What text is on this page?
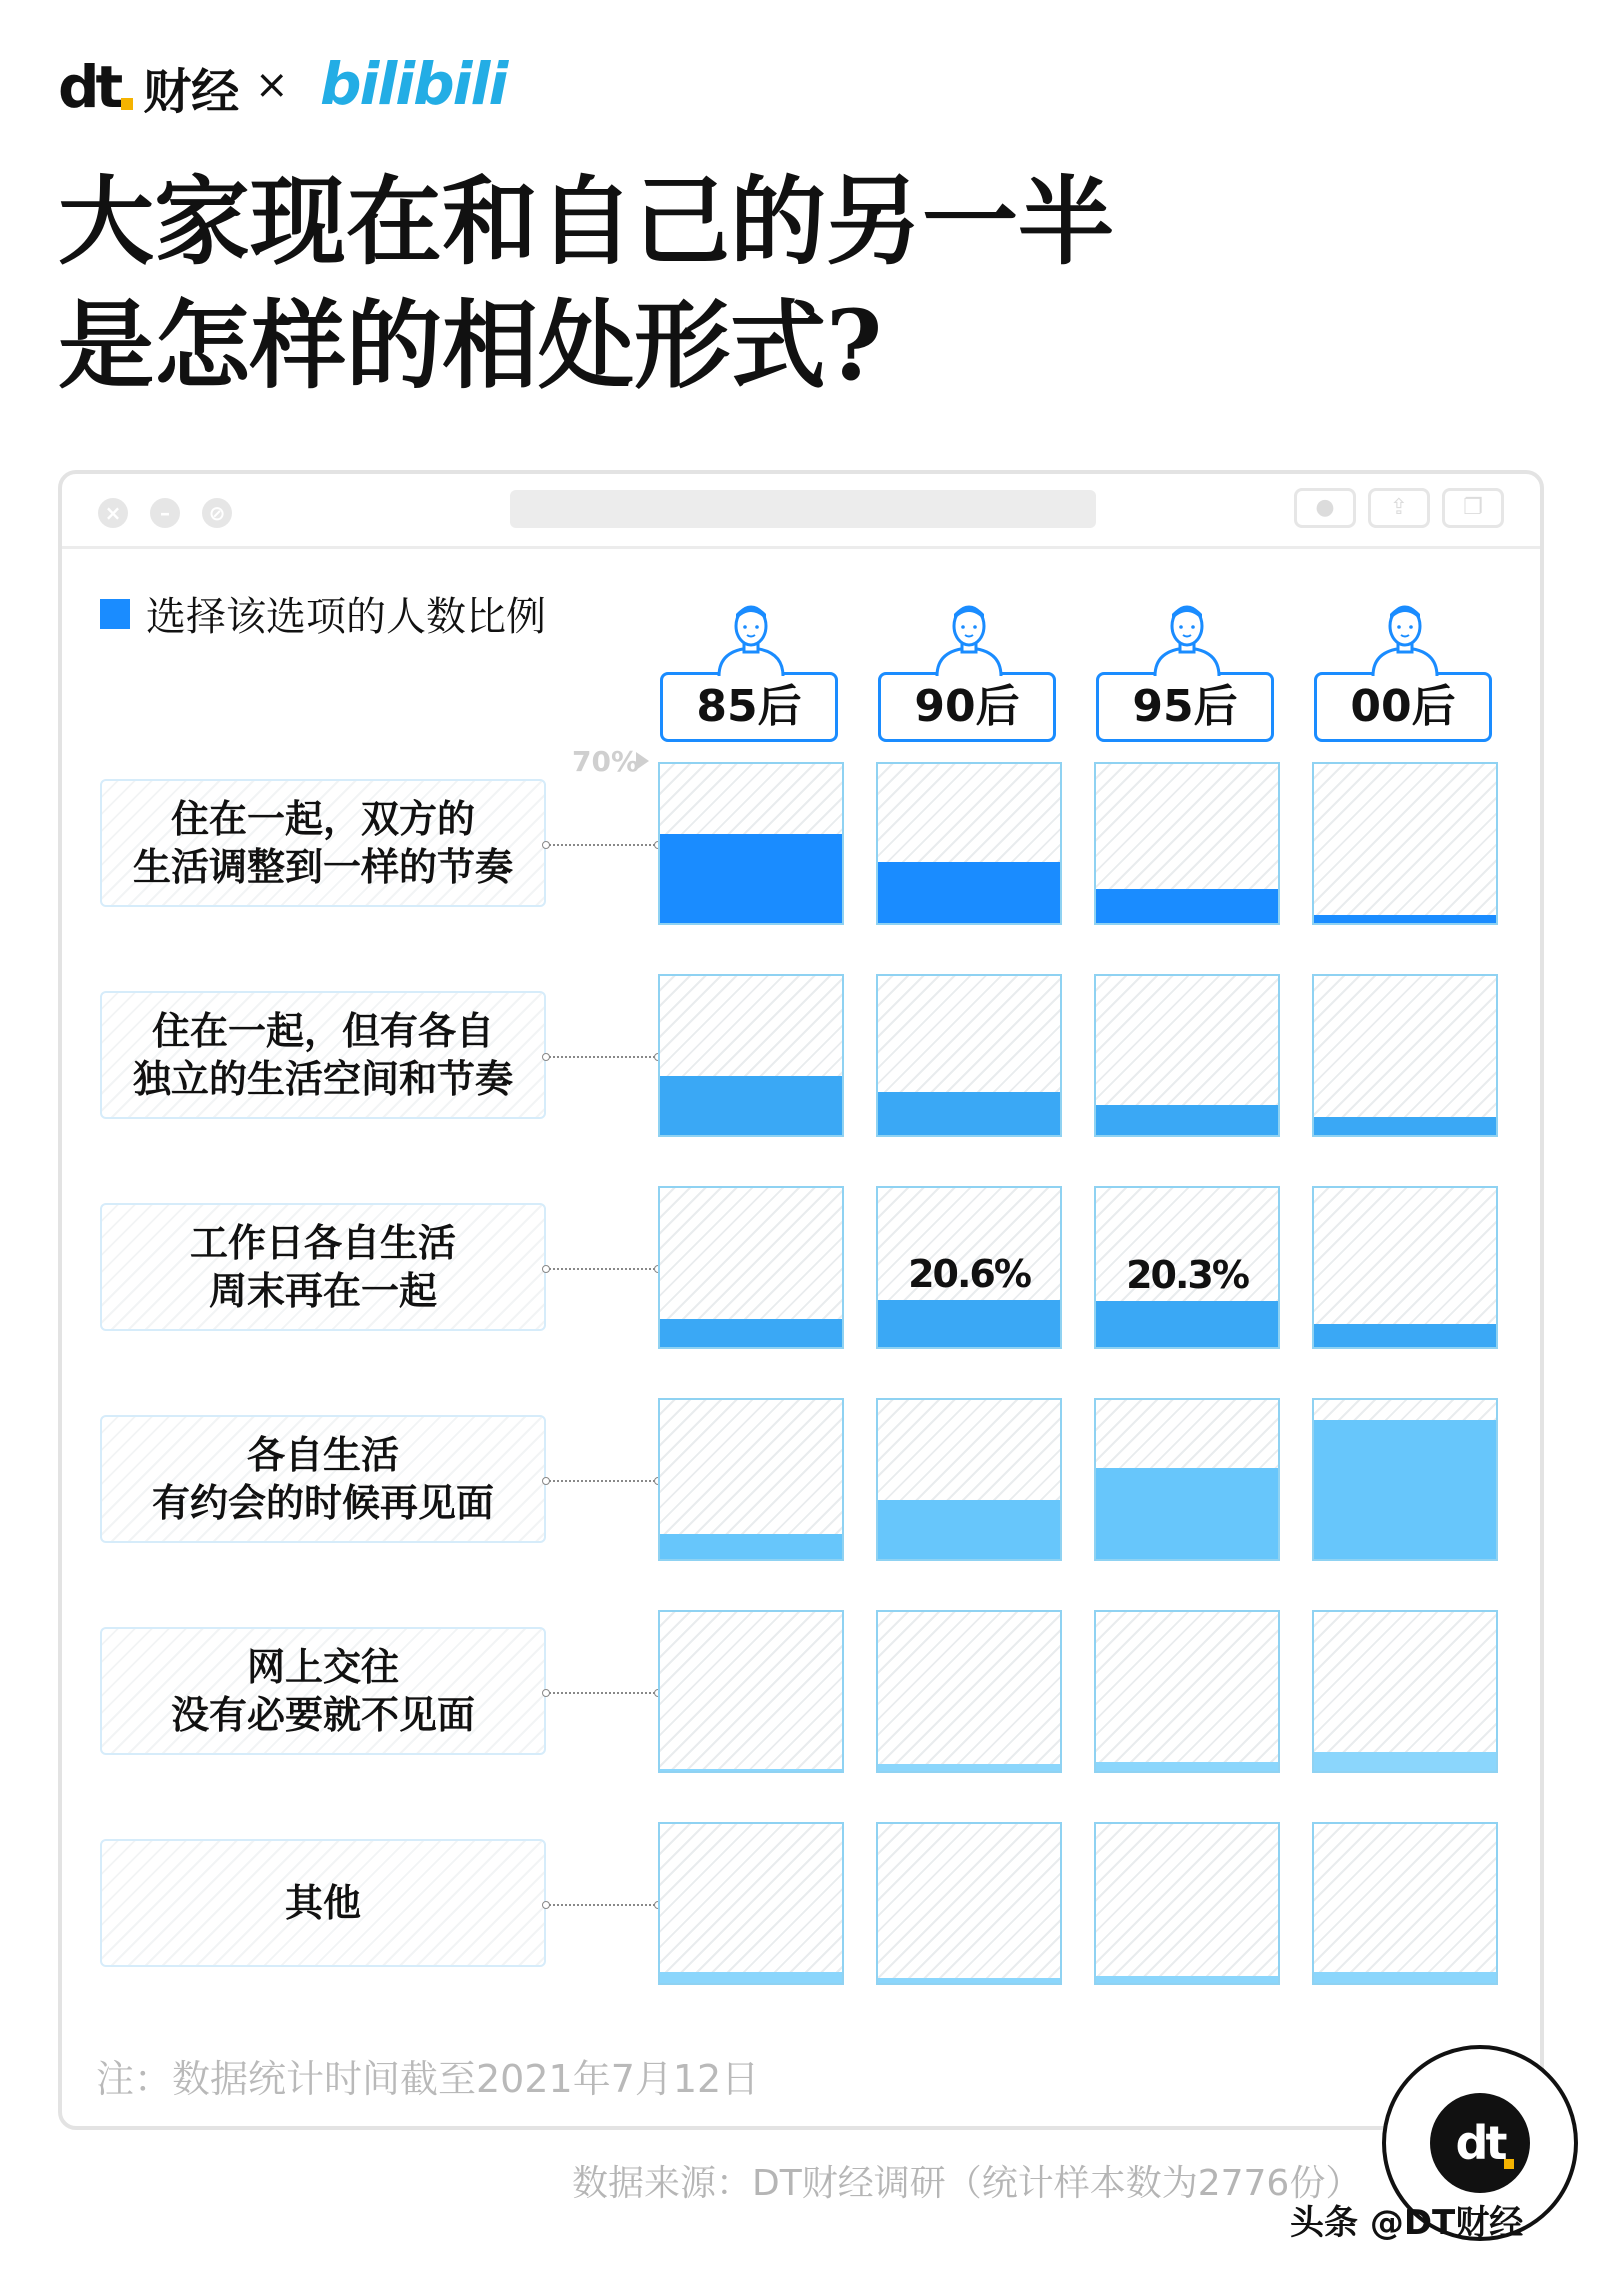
dt 财经 × bilibili
大家现在和自己的另一半
是怎样的相处形式?
×	–	⊘	●	⇪	❐
选择该选项的人数比例
85后	90后	95后	00后
70%
住在一起，双方的
生活调整到一样的节奏
住在一起，但有各自
独立的生活空间和节奏
工作日各自生活
周末再在一起
各自生活
有约会的时候再见面
网上交往
没有必要就不见面
其他
20.6%	20.3%
注：数据统计时间截至2021年7月12日
数据来源：DT财经调研（统计样本数为2776份）
dt
头条 @DT财经
